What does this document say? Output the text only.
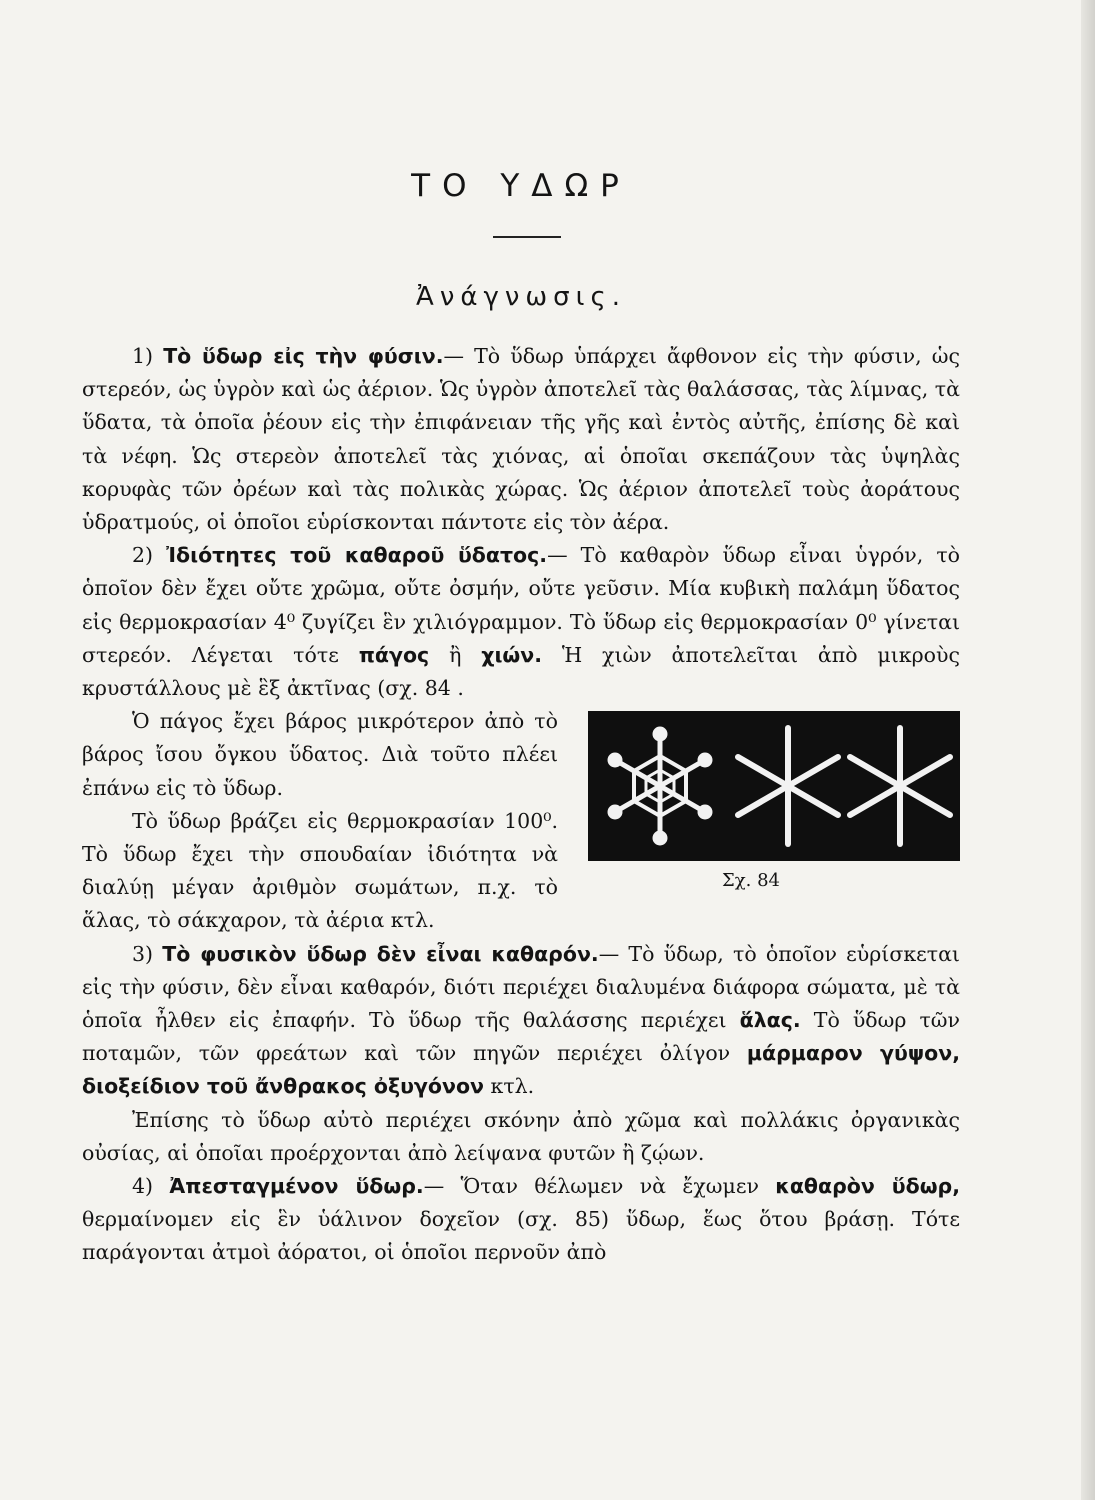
ΤΟ ΥΔΩΡ
Ἀνάγνωσις.

1) Τὸ ὕδωρ εἰς τὴν φύσιν.— Τὸ ὕδωρ ὑπάρχει ἄφθονον εἰς τὴν φύσιν, ὡς στερεόν, ὡς ὑγρὸν καὶ ὡς ἀέριον. Ὡς ὑγρὸν ἀποτελεῖ τὰς θαλάσσας, τὰς λίμνας, τὰ ὕδατα, τὰ ὁποῖα ῥέουν εἰς τὴν ἐπιφάνειαν τῆς γῆς καὶ ἐντὸς αὐτῆς, ἐπίσης δὲ καὶ τὰ νέφη. Ὡς στερεὸν ἀποτελεῖ τὰς χιόνας, αἱ ὁποῖαι σκεπάζουν τὰς ὑψηλὰς κορυφὰς τῶν ὀρέων καὶ τὰς πολικὰς χώρας. Ὡς ἀέριον ἀποτελεῖ τοὺς ἀοράτους ὑδρατμούς, οἱ ὁποῖοι εὑρίσκονται πάντοτε εἰς τὸν ἀέρα.

2) Ἰδιότητες τοῦ καθαροῦ ὕδατος.— Τὸ καθαρὸν ὕδωρ εἶναι ὑγρόν, τὸ ὁποῖον δὲν ἔχει οὔτε χρῶμα, οὔτε ὀσμήν, οὔτε γεῦσιν. Μία κυβικὴ παλάμη ὕδατος εἰς θερμοκρασίαν 4⁰ ζυγίζει ἓν χιλιόγραμμον. Τὸ ὕδωρ εἰς θερμοκρασίαν 0⁰ γίνεται στερεόν. Λέγεται τότε πάγος ἢ χιών. Ἡ χιὼν ἀποτελεῖται ἀπὸ μικροὺς κρυστάλλους μὲ ἓξ ἀκτῖνας (σχ. 84 .

Σχ. 84

Ὁ πάγος ἔχει βάρος μικρότερον ἀπὸ τὸ βάρος ἴσου ὄγκου ὕδατος. Διὰ τοῦτο πλέει ἐπάνω εἰς τὸ ὕδωρ.

Τὸ ὕδωρ βράζει εἰς θερμοκρασίαν 100⁰. Τὸ ὕδωρ ἔχει τὴν σπουδαίαν ἰδιότητα νὰ διαλύῃ μέγαν ἀριθμὸν σωμάτων, π.χ. τὸ ἅλας, τὸ σάκχαρον, τὰ ἀέρια κτλ.

3) Τὸ φυσικὸν ὕδωρ δὲν εἶναι καθαρόν.— Τὸ ὕδωρ, τὸ ὁποῖον εὑρίσκεται εἰς τὴν φύσιν, δὲν εἶναι καθαρόν, διότι περιέχει διαλυμένα διάφορα σώματα, μὲ τὰ ὁποῖα ἦλθεν εἰς ἐπαφήν. Τὸ ὕδωρ τῆς θαλάσσης περιέχει ἅλας. Τὸ ὕδωρ τῶν ποταμῶν, τῶν φρεάτων καὶ τῶν πηγῶν περιέχει ὀλίγον μάρμαρον γύψον, διοξείδιον τοῦ ἄνθρακος ὀξυγόνον κτλ.

Ἐπίσης τὸ ὕδωρ αὐτὸ περιέχει σκόνην ἀπὸ χῶμα καὶ πολλάκις ὀργανικὰς οὐσίας, αἱ ὁποῖαι προέρχονται ἀπὸ λείψανα φυτῶν ἢ ζῴων.

4) Ἀπεσταγμένον ὕδωρ.— Ὅταν θέλωμεν νὰ ἔχωμεν καθαρὸν ὕδωρ, θερμαίνομεν εἰς ἓν ὑάλινον δοχεῖον (σχ. 85) ὕδωρ, ἕως ὅτου βράσῃ. Τότε παράγονται ἀτμοὶ ἀόρατοι, οἱ ὁποῖοι περνοῦν ἀπὸ
